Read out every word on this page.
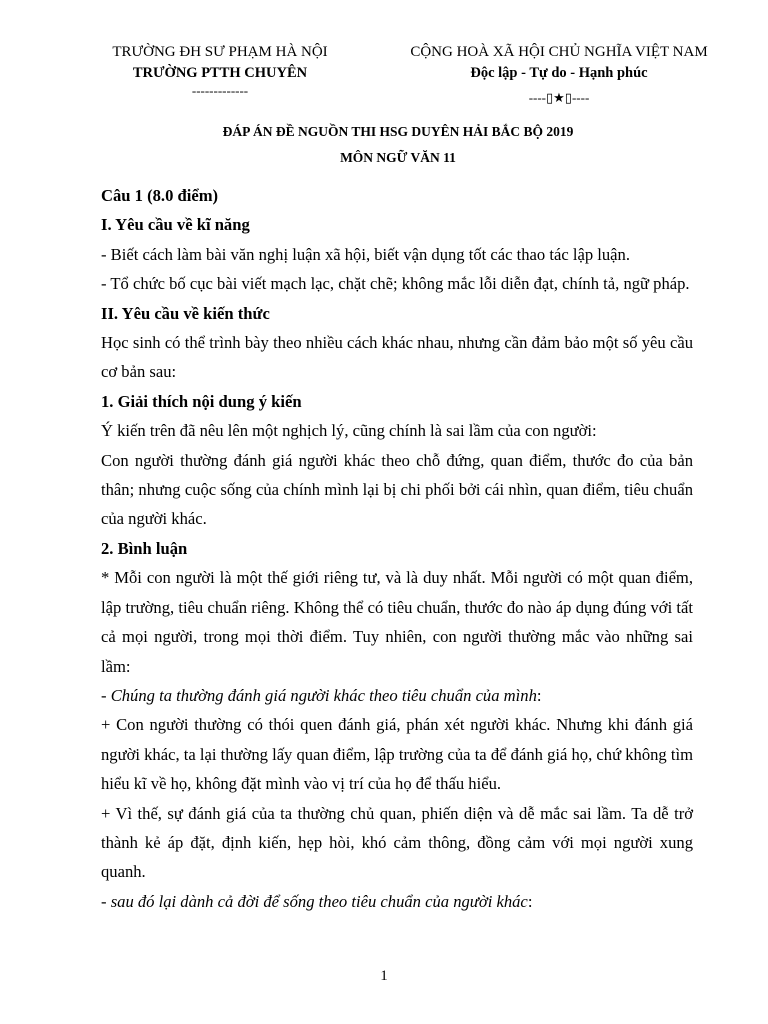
TRƯỜNG ĐH SƯ PHẠM HÀ NỘI
TRƯỜNG PTTH CHUYÊN
-------------
CỘNG HOÀ XÃ HỘI CHỦ NGHĨA VIỆT NAM
Độc lập - Tự do - Hạnh phúc
----▯★▯----
ĐÁP ÁN ĐỀ NGUỒN THI HSG DUYÊN HẢI BẮC BỘ 2019
MÔN NGỮ VĂN 11

Câu 1 (8.0 điểm)

I. Yêu cầu về kĩ năng

- Biết cách làm bài văn nghị luận xã hội, biết vận dụng tốt các thao tác lập luận.

- Tổ chức bố cục bài viết mạch lạc, chặt chẽ; không mắc lỗi diễn đạt, chính tả, ngữ pháp.

II. Yêu cầu về kiến thức

Học sinh có thể trình bày theo nhiều cách khác nhau, nhưng cần đảm bảo một số yêu cầu cơ bản sau:

1. Giải thích nội dung ý kiến

Ý kiến trên đã nêu lên một nghịch lý, cũng chính là sai lầm của con người:

Con người thường đánh giá người khác theo chỗ đứng, quan điểm, thước đo của bản thân; nhưng cuộc sống của chính mình lại bị chi phối bởi cái nhìn, quan điểm, tiêu chuẩn của người khác.

2. Bình luận

* Mỗi con người là một thế giới riêng tư, và là duy nhất. Mỗi người có một quan điểm, lập trường, tiêu chuẩn riêng. Không thể có tiêu chuẩn, thước đo nào áp dụng đúng với tất cả mọi người, trong mọi thời điểm. Tuy nhiên, con người thường mắc vào những sai lầm:

- Chúng ta thường đánh giá người khác theo tiêu chuẩn của mình:

+ Con người thường có thói quen đánh giá, phán xét người khác. Nhưng khi đánh giá người khác, ta lại thường lấy quan điểm, lập trường của ta để đánh giá họ, chứ không tìm hiểu kĩ về họ, không đặt mình vào vị trí của họ để thấu hiểu.

+ Vì thế, sự đánh giá của ta thường chủ quan, phiến diện và dễ mắc sai lầm. Ta dễ trở thành kẻ áp đặt, định kiến, hẹp hòi, khó cảm thông, đồng cảm với mọi người xung quanh.

- sau đó lại dành cả đời để sống theo tiêu chuẩn của người khác:

1
